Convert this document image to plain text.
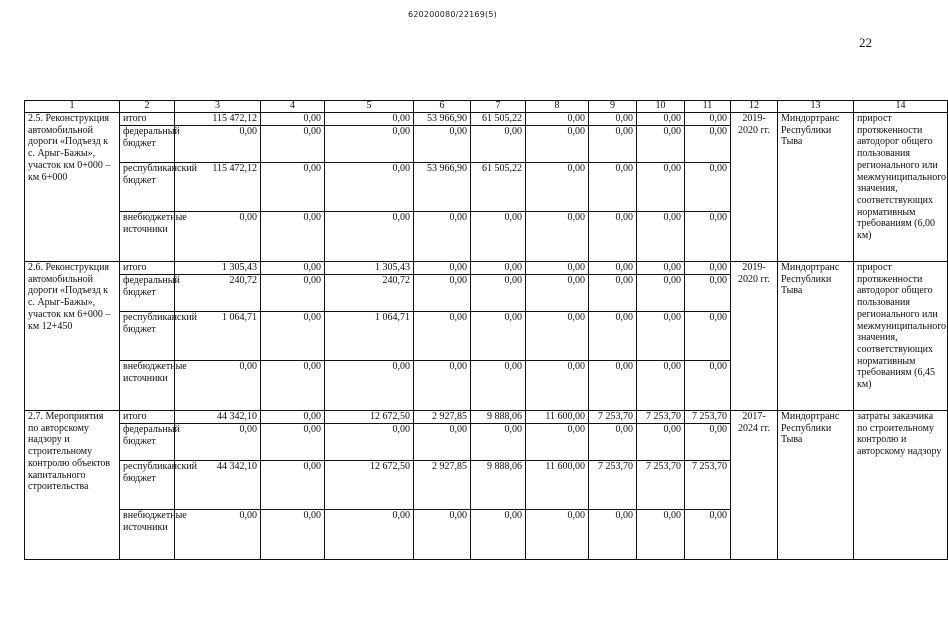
620200080/22169(5)
22
1	2	3	4	5	6	7	8	9	10	11	12	13	14
2.5. Реконструкция автомобильной дороги «Подъезд к с. Арыг-Бажы», участок км 0+000 – км 6+000	итого	115 472,12	0,00	0,00	53 966,90	61 505,22	0,00	0,00	0,00	0,00	2019-2020 гг.	Миндортранс Республики Тыва	прирост протяженности автодорог общего пользования регионального или межмуниципального значения, соответствующих нормативным требованиям (6,00 км)
	федеральный бюджет	0,00	0,00	0,00	0,00	0,00	0,00	0,00	0,00	0,00			
	республиканский бюджет	115 472,12	0,00	0,00	53 966,90	61 505,22	0,00	0,00	0,00	0,00			
	внебюджетные источники	0,00	0,00	0,00	0,00	0,00	0,00	0,00	0,00	0,00			
2.6. Реконструкция автомобильной дороги «Подъезд к с. Арыг-Бажы», участок км 6+000 – км 12+450	итого	1 305,43	0,00	1 305,43	0,00	0,00	0,00	0,00	0,00	0,00	2019-2020 гг.	Миндортранс Республики Тыва	прирост протяженности автодорог общего пользования регионального или межмуниципального значения, соответствующих нормативным требованиям (6,45 км)
	федеральный бюджет	240,72	0,00	240,72	0,00	0,00	0,00	0,00	0,00	0,00			
	республиканский бюджет	1 064,71	0,00	1 064,71	0,00	0,00	0,00	0,00	0,00	0,00			
	внебюджетные источники	0,00	0,00	0,00	0,00	0,00	0,00	0,00	0,00	0,00			
2.7. Мероприятия по авторскому надзору и строительному контролю объектов капитального строительства	итого	44 342,10	0,00	12 672,50	2 927,85	9 888,06	11 600,00	7 253,70	7 253,70	7 253,70	2017-2024 гг.	Миндортранс Республики Тыва	затраты заказчика по строительному контролю и авторскому надзору
	федеральный бюджет	0,00	0,00	0,00	0,00	0,00	0,00	0,00	0,00	0,00			
	республиканский бюджет	44 342,10	0,00	12 672,50	2 927,85	9 888,06	11 600,00	7 253,70	7 253,70	7 253,70			
	внебюджетные источники	0,00	0,00	0,00	0,00	0,00	0,00	0,00	0,00	0,00			
